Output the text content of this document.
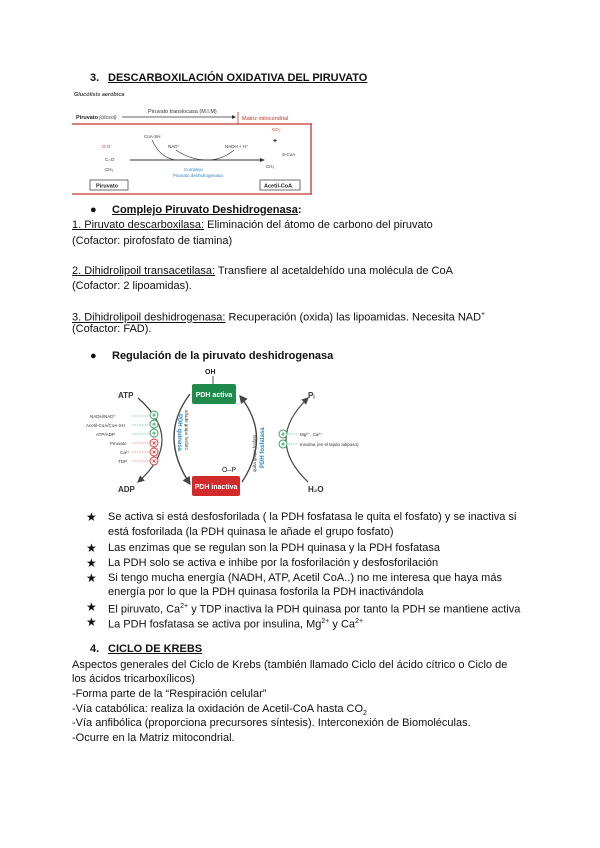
3. DESCARBOXILACIÓN OXIDATIVA DEL PIRUVATO
Glucólisis aeróbica
Piruvato (citosol)
Piruvato translocasa (M.I.M)
Matriz mitocondrial
O O⁻
C=O
CH₃
CoA-SH
NAD⁺	NADH + H⁺
Complejo
Piruvato deshidrogenasa
CO₂
+
CH₃
S-CoA
Piruvato	Acetil-CoA
● Complejo Piruvato Deshidrogenasa:
1. Piruvato descarboxilasa: Eliminación del átomo de carbono del piruvato
(Cofactor: pirofosfato de tiamina)
2. Dihidrolipoil transacetilasa: Transfiere al acetaldehído una molécula de CoA
(Cofactor: 2 lipoamidas).
3. Dihidrolipoil deshidrogenasa: Recuperación (oxida) las lipoamidas. Necesita NAD+
(Cofactor: FAD).
● Regulación de la piruvato deshidrogenasa
OH
PDH activa
PDH inactiva
O–P
ATP
ADP
Pᵢ
H₂O
PDH quinasa añade grupo fosfato	PDH fosfatasa
quita grupo fosfato
NADH/NAD⁺
Acetil-CoA/CoA-SH
ATP/ADP
Piruvato
Ca²⁺
TDP
+
+
+
×
×
×
+
+
Mg²⁺, Ca²⁺
Insulina (en el tejido adiposo)
★ Se activa si está desfosforilada ( la PDH fosfatasa le quita el fosfato) y se inactiva si
está fosforilada (la PDH quinasa le añade el grupo fosfato)
★ Las enzimas que se regulan son la PDH quinasa y la PDH fosfatasa
★ La PDH solo se activa e inhibe por la fosforilación y desfosforilación
★ Si tengo mucha energía (NADH, ATP, Acetil CoA..) no me interesa que haya más
energía por lo que la PDH quinasa fosforila la PDH inactivándola
★ El piruvato, $Ca^{2+}$ y TDP inactiva la PDH quinasa por tanto la PDH se mantiene activa
★ La PDH fosfatasa se activa por insulina, $Mg^{2+}$ y $Ca^{2+}$
4. CICLO DE KREBS
Aspectos generales del Ciclo de Krebs (también llamado Ciclo del ácido cítrico o Ciclo de
los ácidos tricarboxílicos)
-Forma parte de la “Respiración celular”
-Vía catabólica: realiza la oxidación de Acetil-CoA hasta $CO_2$
-Vía anfibólica (proporciona precursores síntesis). Interconexión de Biomoléculas.
-Ocurre en la Matriz mitocondrial.
